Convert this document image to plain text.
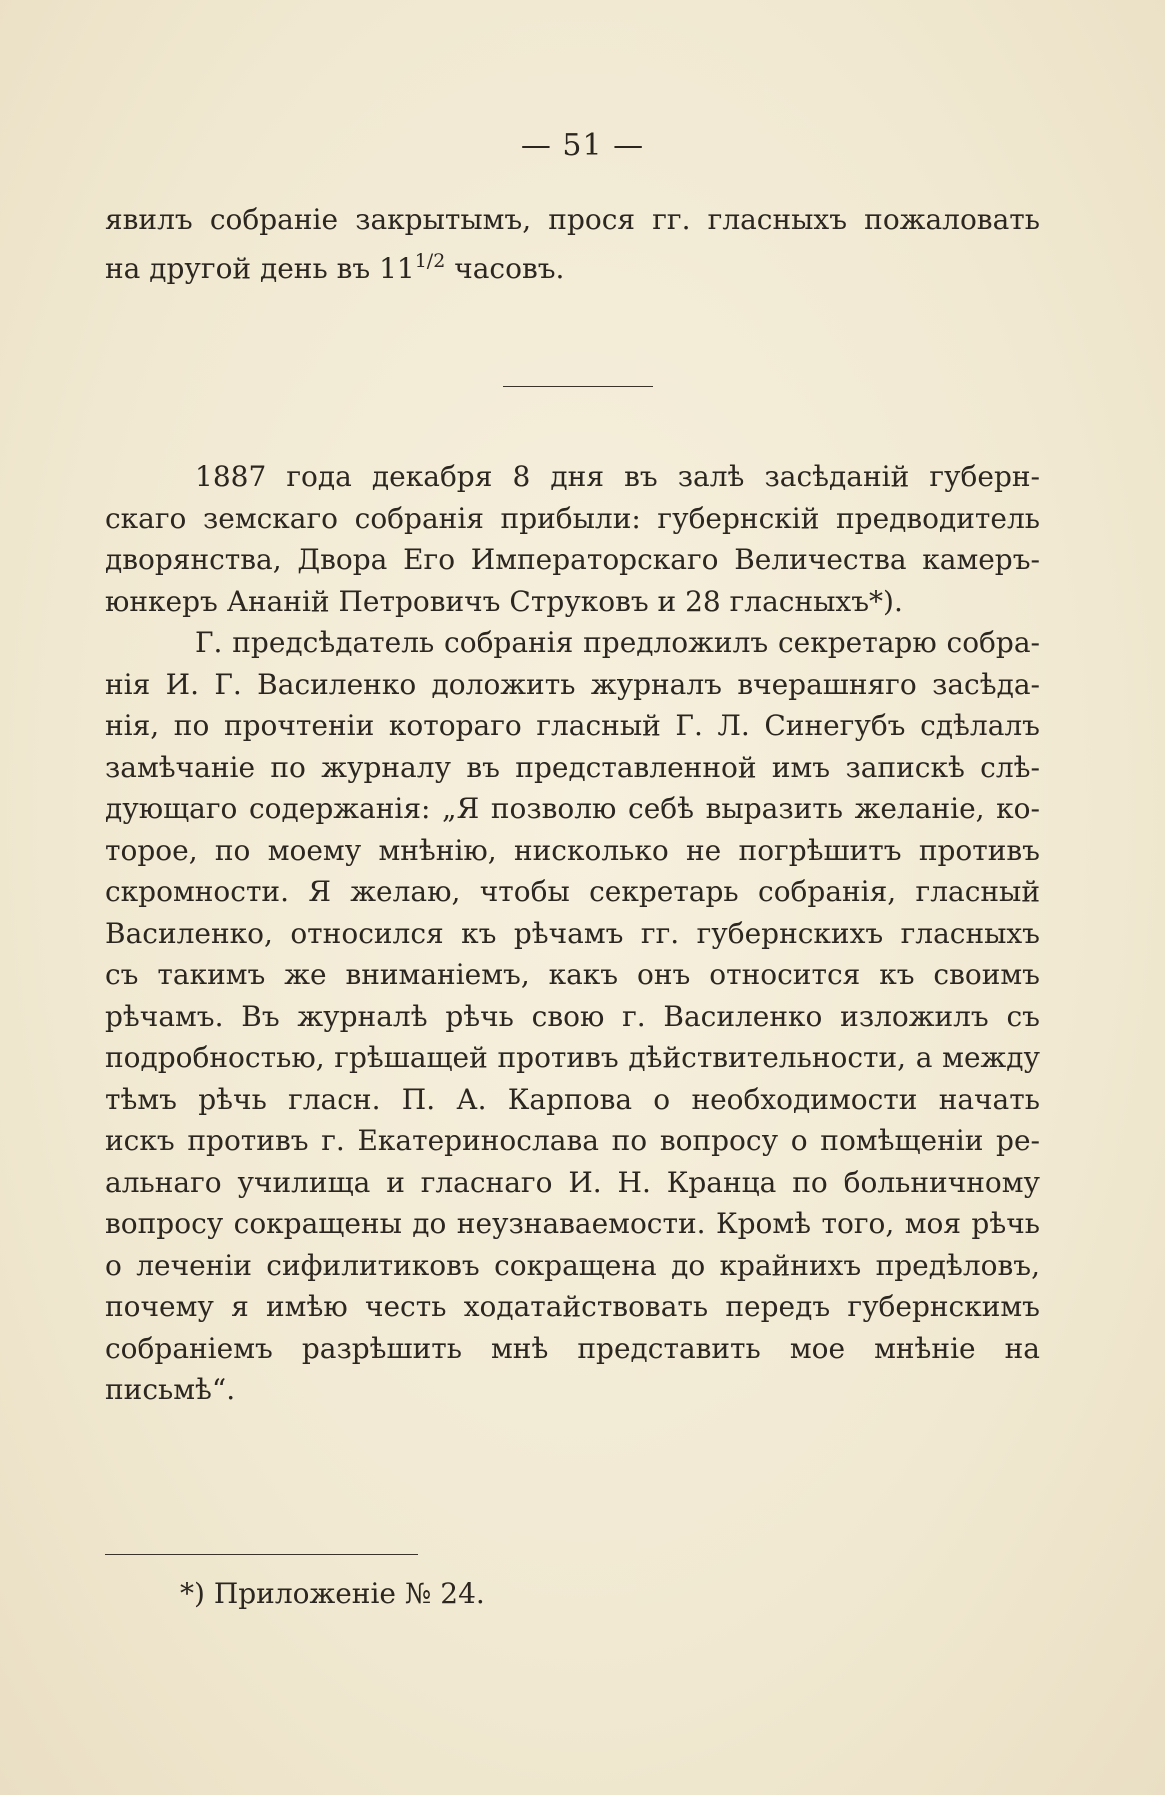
— 51 —
явилъ собраніе закрытымъ, прося гг. гласныхъ пожаловать
на другой день въ $11^{1/2}$ часовъ.
1887 года декабря 8 дня въ залѣ засѣданій губерн-
скаго земскаго собранія прибыли: губернскій предводитель
дворянства, Двора Его Императорскаго Величества камеръ-
юнкеръ Ананій Петровичъ Струковъ и 28 гласныхъ*).
Г. предсѣдатель собранія предложилъ секретарю собра-
нія И. Г. Василенко доложить журналъ вчерашняго засѣда-
нія, по прочтеніи котораго гласный Г. Л. Синегубъ сдѣлалъ
замѣчаніе по журналу въ представленной имъ запискѣ слѣ-
дующаго содержанія: „Я позволю себѣ выразить желаніе, ко-
торое, по моему мнѣнію, нисколько не погрѣшитъ противъ
скромности. Я желаю, чтобы секретарь собранія, гласный
Василенко, относился къ рѣчамъ гг. губернскихъ гласныхъ
съ такимъ же вниманіемъ, какъ онъ относится къ своимъ
рѣчамъ. Въ журналѣ рѣчь свою г. Василенко изложилъ съ
подробностью, грѣшащей противъ дѣйствительности, а между
тѣмъ рѣчь гласн. П. А. Карпова о необходимости начать
искъ противъ г. Екатеринослава по вопросу о помѣщеніи ре-
альнаго училища и гласнаго И. Н. Кранца по больничному
вопросу сокращены до неузнаваемости. Кромѣ того, моя рѣчь
о леченіи сифилитиковъ сокращена до крайнихъ предѣловъ,
почему я имѣю честь ходатайствовать передъ губернскимъ
собраніемъ разрѣшить мнѣ представить мое мнѣніе на
письмѣ“.
*) Приложеніе № 24.
